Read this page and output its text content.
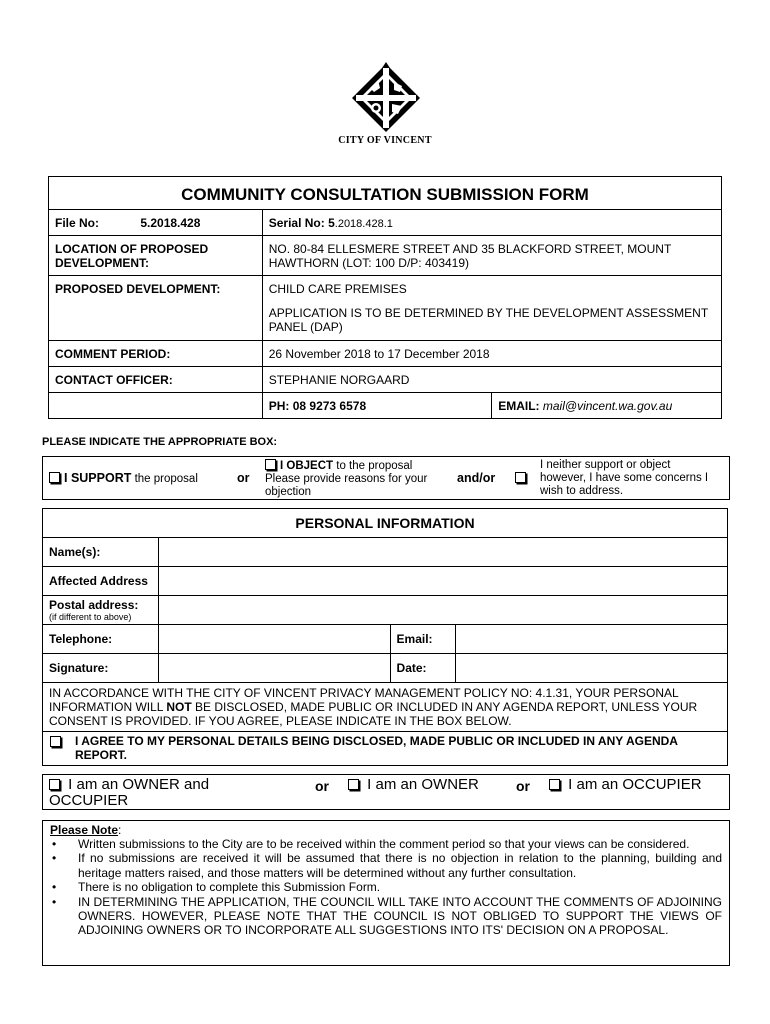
CITY OF VINCENT
COMMUNITY CONSULTATION SUBMISSION FORM		
File No: 5.2018.428	Serial No: 5.2018.428.1	
LOCATION OF PROPOSED DEVELOPMENT:	NO. 80-84 ELLESMERE STREET AND 35 BLACKFORD STREET, MOUNT HAWTHORN (LOT: 100 D/P: 403419)	
PROPOSED DEVELOPMENT:	CHILD CARE PREMISES
APPLICATION IS TO BE DETERMINED BY THE DEVELOPMENT ASSESSMENT PANEL (DAP)	

COMMENT PERIOD:	26 November 2018 to 17 December 2018	
CONTACT OFFICER:	STEPHANIE NORGAARD	
	PH: 08 9273 6578	EMAIL: mail@vincent.wa.gov.au
PLEASE INDICATE THE APPROPRIATE BOX:
I SUPPORT the proposal	or
I OBJECT to the proposal
Please provide reasons for your
objection
and/or
I neither support or object
however, I have some concerns I
wish to address.
PERSONAL INFORMATION			
Name(s):			
Affected Address			

Postal address:
(if different to above)			

Telephone:		Email:	
Signature:		Date:	
IN ACCORDANCE WITH THE CITY OF VINCENT PRIVACY MANAGEMENT POLICY NO: 4.1.31, YOUR PERSONAL INFORMATION WILL NOT BE DISCLOSED, MADE PUBLIC OR INCLUDED IN ANY AGENDA REPORT, UNLESS YOUR CONSENT IS PROVIDED. IF YOU AGREE, PLEASE INDICATE IN THE BOX BELOW.			

I AGREE TO MY PERSONAL DETAILS BEING DISCLOSED, MADE PUBLIC OR INCLUDED IN ANY AGENDA REPORT.			
I am an OWNER and
OCCUPIER
or	I am an OWNER	or	I am an OCCUPIER
Please Note:
• Written submissions to the City are to be received within the comment period so that your views can be considered.
• If no submissions are received it will be assumed that there is no objection in relation to the planning, building and heritage matters raised, and those matters will be determined without any further consultation.
• There is no obligation to complete this Submission Form.
• IN DETERMINING THE APPLICATION, THE COUNCIL WILL TAKE INTO ACCOUNT THE COMMENTS OF ADJOINING OWNERS. HOWEVER, PLEASE NOTE THAT THE COUNCIL IS NOT OBLIGED TO SUPPORT THE VIEWS OF ADJOINING OWNERS OR TO INCORPORATE ALL SUGGESTIONS INTO ITS' DECISION ON A PROPOSAL.
